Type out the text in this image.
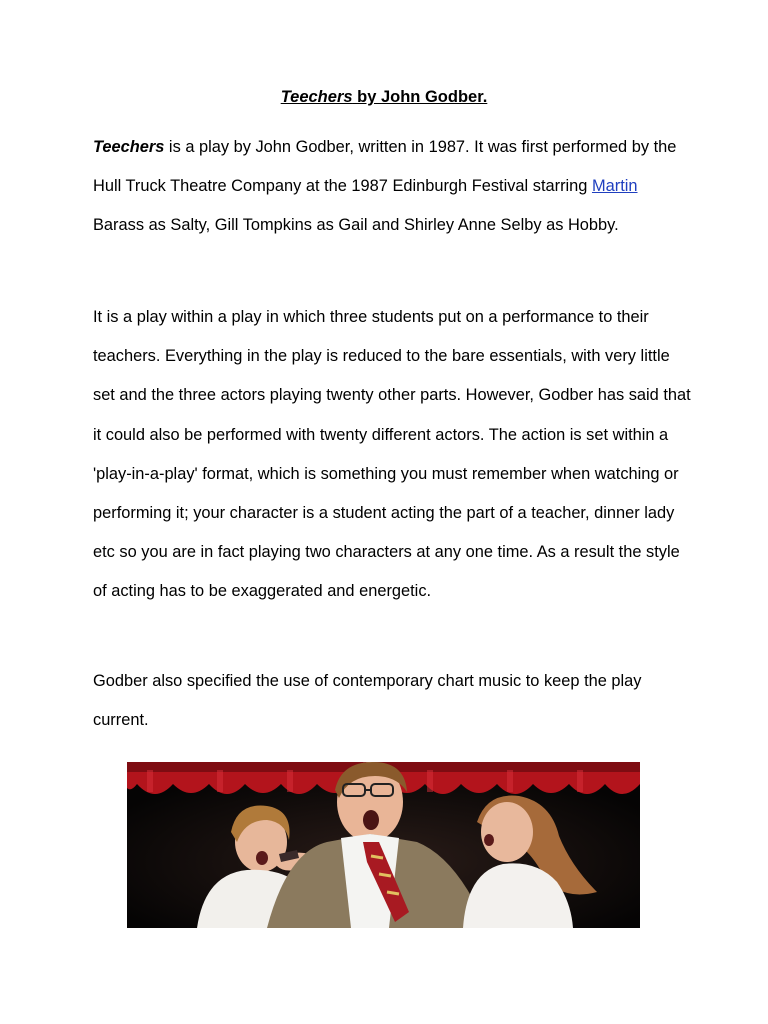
Teechers by John Godber.

Teechers is a play by John Godber, written in 1987. It was first performed by the Hull Truck Theatre Company at the 1987 Edinburgh Festival starring Martin Barass as Salty, Gill Tompkins as Gail and Shirley Anne Selby as Hobby.

It is a play within a play in which three students put on a performance to their teachers. Everything in the play is reduced to the bare essentials, with very little set and the three actors playing twenty other parts. However, Godber has said that it could also be performed with twenty different actors. The action is set within a 'play-in-a-play' format, which is something you must remember when watching or performing it; your character is a student acting the part of a teacher, dinner lady etc so you are in fact playing two characters at any one time. As a result the style of acting has to be exaggerated and energetic.

Godber also specified the use of contemporary chart music to keep the play current.
